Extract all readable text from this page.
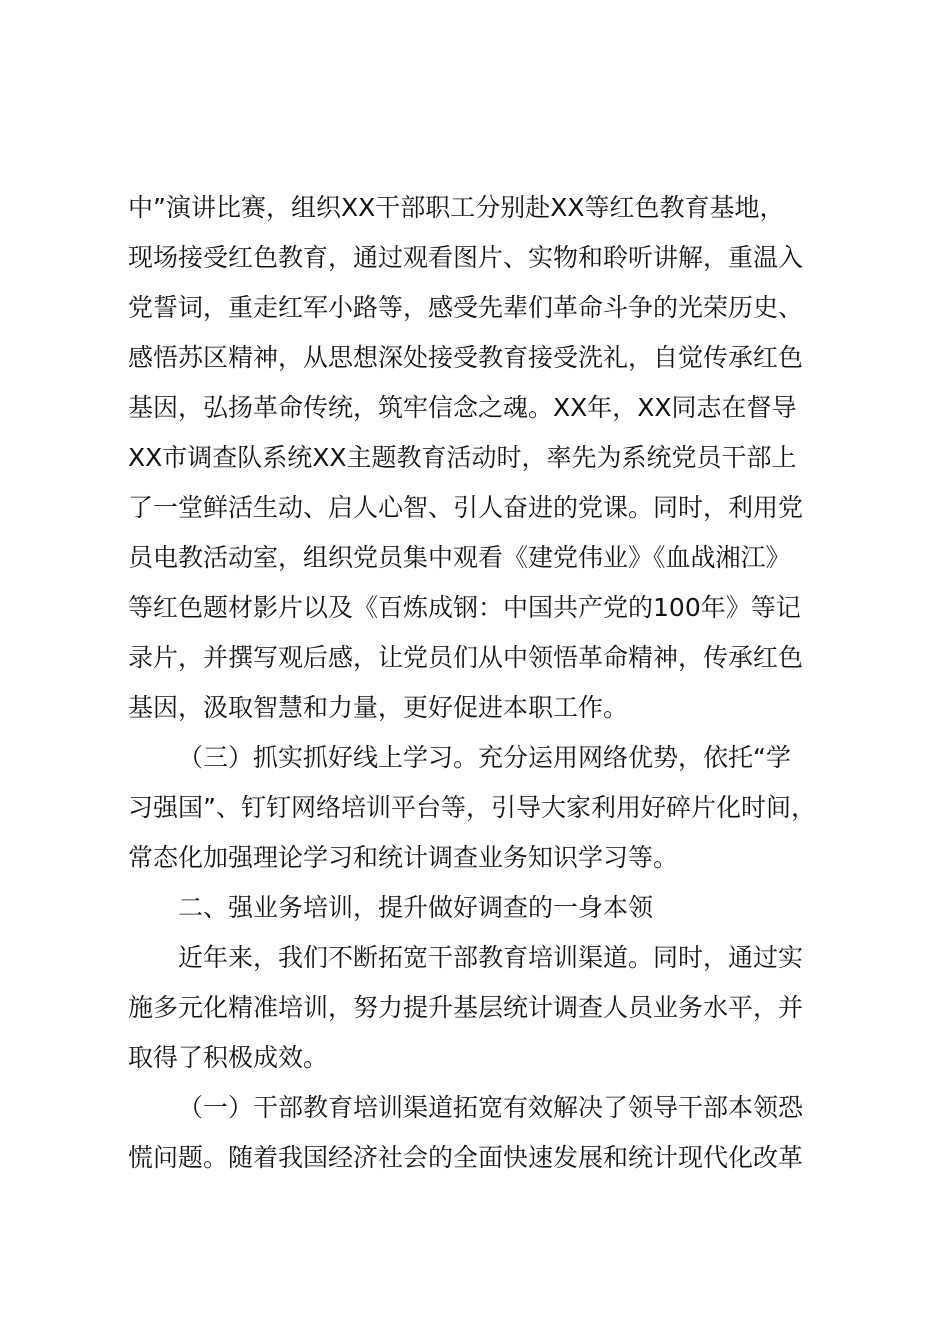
中”演讲比赛，组织XX干部职工分别赴XX等红色教育基地，
现场接受红色教育，通过观看图片、实物和聆听讲解，重温入
党誓词，重走红军小路等，感受先辈们革命斗争的光荣历史、
感悟苏区精神，从思想深处接受教育接受洗礼，自觉传承红色
基因，弘扬革命传统，筑牢信念之魂。XX年，XX同志在督导
XX市调查队系统XX主题教育活动时，率先为系统党员干部上
了一堂鲜活生动、启人心智、引人奋进的党课。同时，利用党
员电教活动室，组织党员集中观看《建党伟业》《血战湘江》
等红色题材影片以及《百炼成钢：中国共产党的100年》等记
录片，并撰写观后感，让党员们从中领悟革命精神，传承红色
基因，汲取智慧和力量，更好促进本职工作。
（三）抓实抓好线上学习。充分运用网络优势，依托“学
习强国”、钉钉网络培训平台等，引导大家利用好碎片化时间，
常态化加强理论学习和统计调查业务知识学习等。
二、强业务培训，提升做好调查的一身本领
近年来，我们不断拓宽干部教育培训渠道。同时，通过实
施多元化精准培训，努力提升基层统计调查人员业务水平，并
取得了积极成效。
（一）干部教育培训渠道拓宽有效解决了领导干部本领恐
慌问题。随着我国经济社会的全面快速发展和统计现代化改革
